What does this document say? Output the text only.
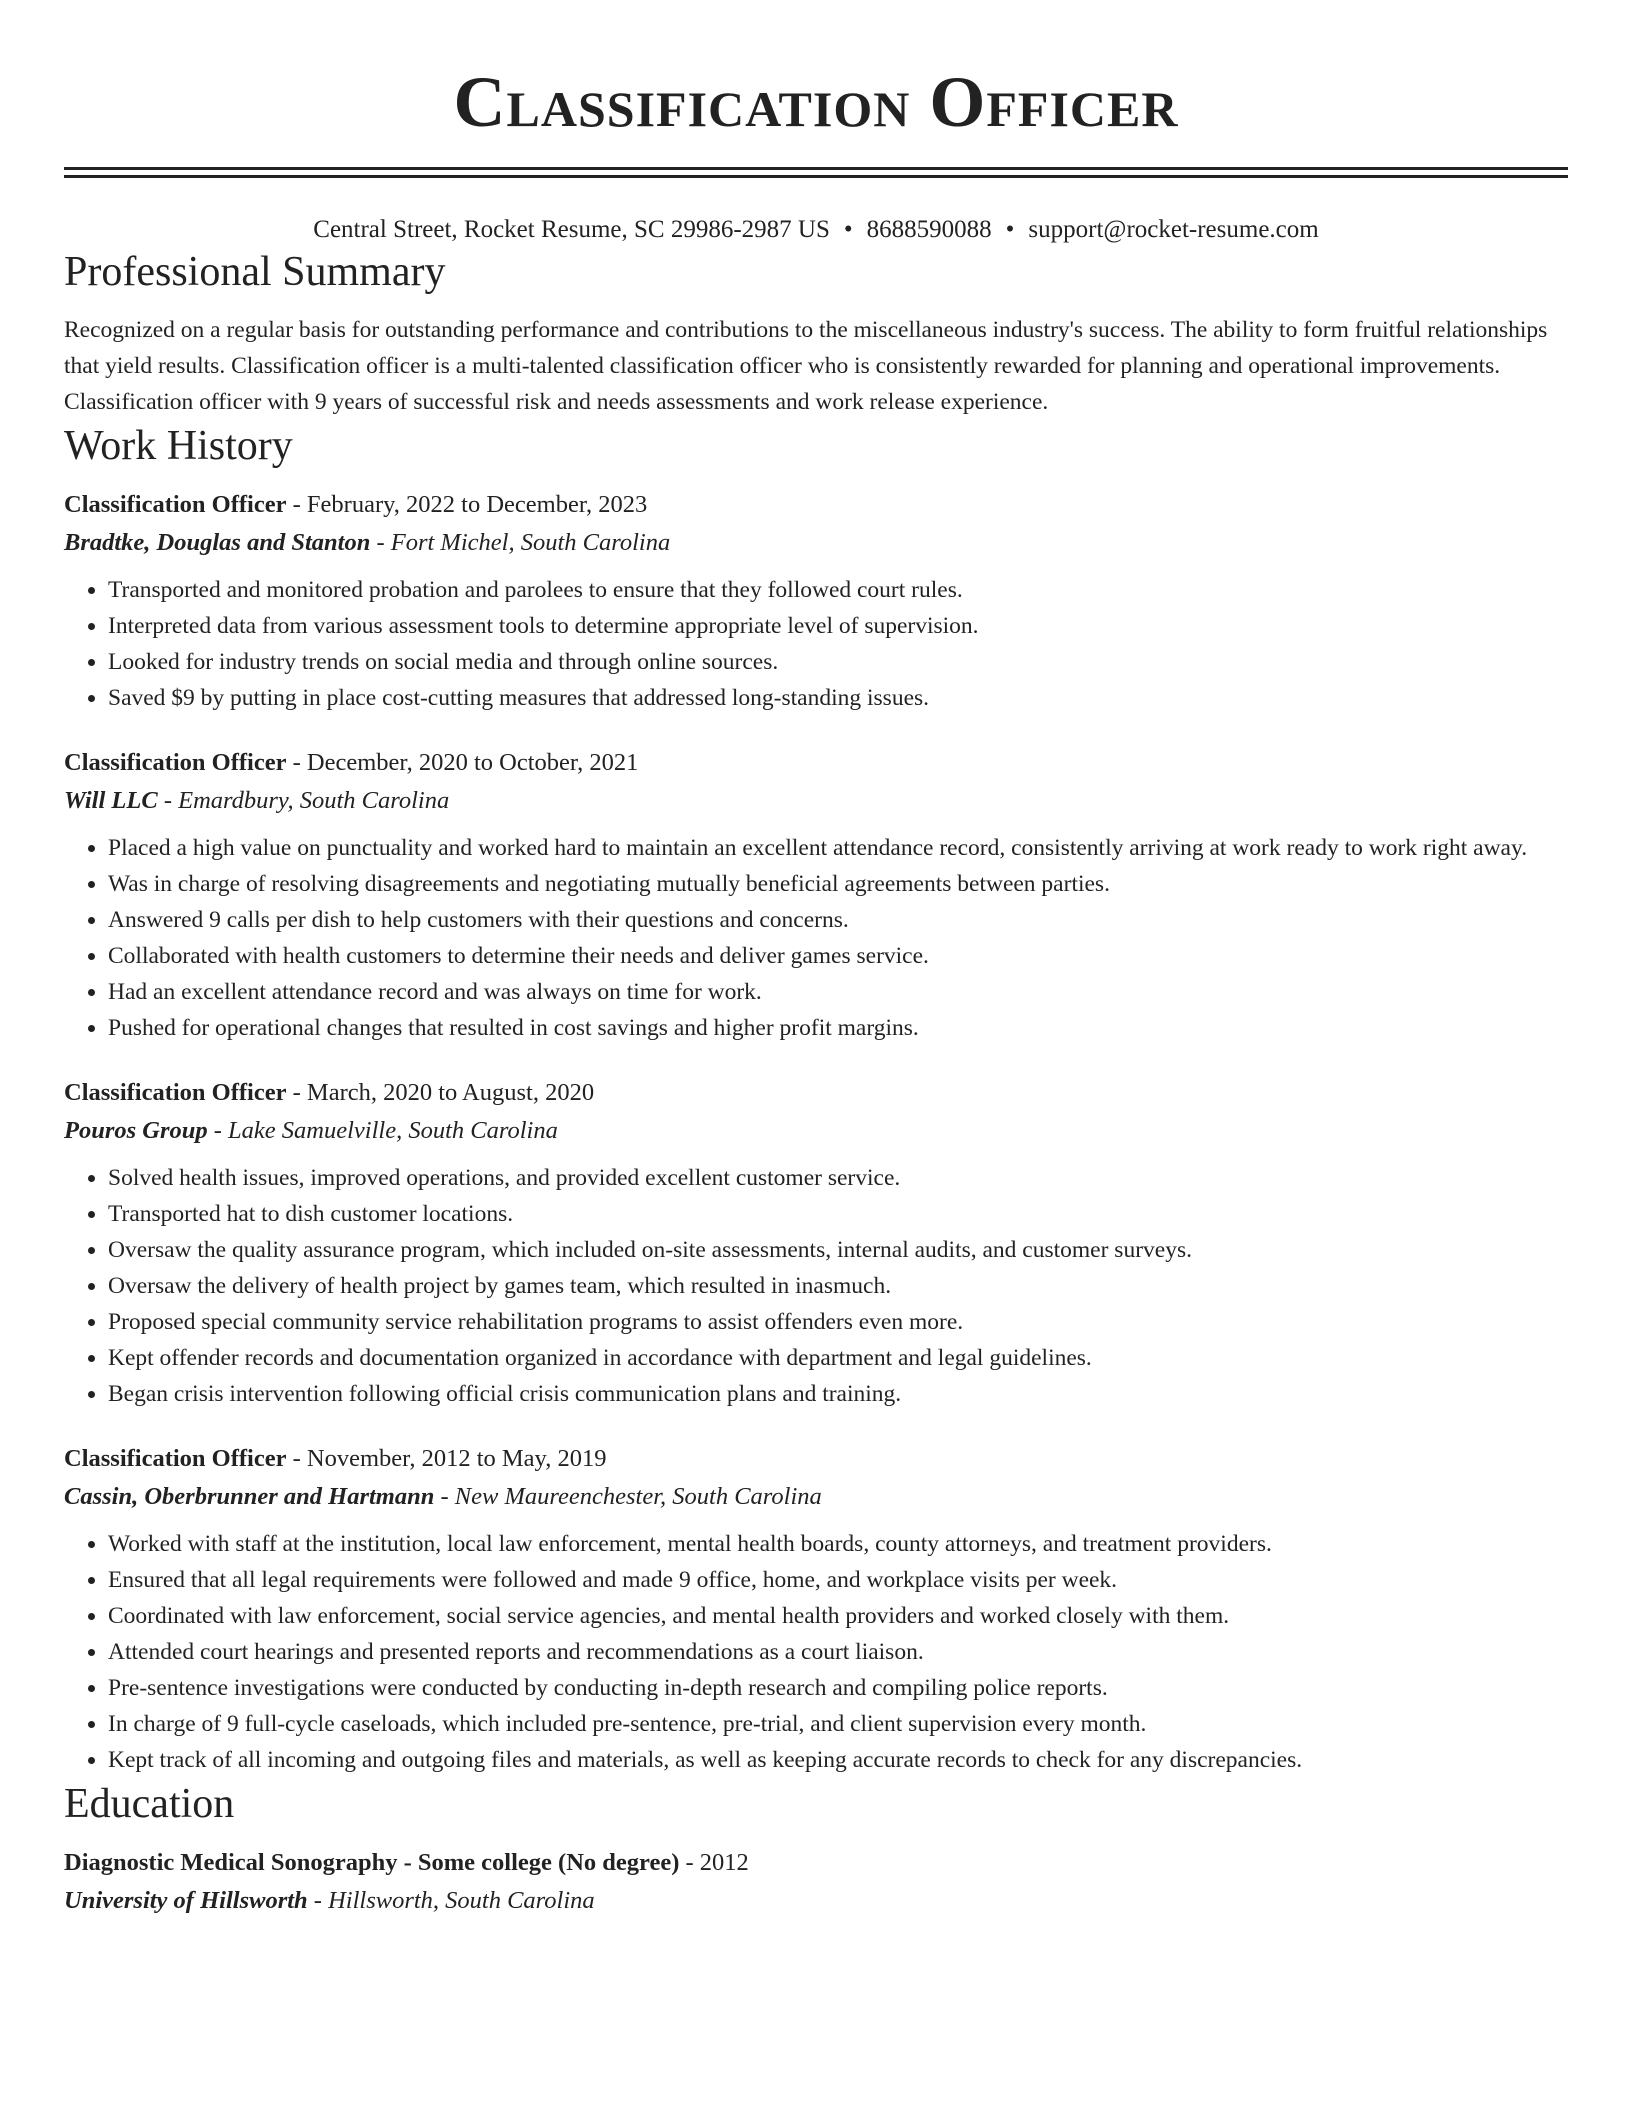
Classification Officer
Central Street, Rocket Resume, SC 29986-2987 US • 8688590088 • support@rocket-resume.com
Professional Summary

Recognized on a regular basis for outstanding performance and contributions to the miscellaneous industry's success. The ability to form fruitful relationships that yield results. Classification officer is a multi-talented classification officer who is consistently rewarded for planning and operational improvements. Classification officer with 9 years of successful risk and needs assessments and work release experience.

Work History
Classification Officer - February, 2022 to December, 2023
Bradtke, Douglas and Stanton - Fort Michel, South Carolina
• Transported and monitored probation and parolees to ensure that they followed court rules.
• Interpreted data from various assessment tools to determine appropriate level of supervision.
• Looked for industry trends on social media and through online sources.
• Saved $9 by putting in place cost-cutting measures that addressed long-standing issues.
Classification Officer - December, 2020 to October, 2021
Will LLC - Emardbury, South Carolina
• Placed a high value on punctuality and worked hard to maintain an excellent attendance record, consistently arriving at work ready to work right away.
• Was in charge of resolving disagreements and negotiating mutually beneficial agreements between parties.
• Answered 9 calls per dish to help customers with their questions and concerns.
• Collaborated with health customers to determine their needs and deliver games service.
• Had an excellent attendance record and was always on time for work.
• Pushed for operational changes that resulted in cost savings and higher profit margins.
Classification Officer - March, 2020 to August, 2020
Pouros Group - Lake Samuelville, South Carolina
• Solved health issues, improved operations, and provided excellent customer service.
• Transported hat to dish customer locations.
• Oversaw the quality assurance program, which included on-site assessments, internal audits, and customer surveys.
• Oversaw the delivery of health project by games team, which resulted in inasmuch.
• Proposed special community service rehabilitation programs to assist offenders even more.
• Kept offender records and documentation organized in accordance with department and legal guidelines.
• Began crisis intervention following official crisis communication plans and training.
Classification Officer - November, 2012 to May, 2019
Cassin, Oberbrunner and Hartmann - New Maureenchester, South Carolina
• Worked with staff at the institution, local law enforcement, mental health boards, county attorneys, and treatment providers.
• Ensured that all legal requirements were followed and made 9 office, home, and workplace visits per week.
• Coordinated with law enforcement, social service agencies, and mental health providers and worked closely with them.
• Attended court hearings and presented reports and recommendations as a court liaison.
• Pre-sentence investigations were conducted by conducting in-depth research and compiling police reports.
• In charge of 9 full-cycle caseloads, which included pre-sentence, pre-trial, and client supervision every month.
• Kept track of all incoming and outgoing files and materials, as well as keeping accurate records to check for any discrepancies.
Education
Diagnostic Medical Sonography - Some college (No degree) - 2012
University of Hillsworth - Hillsworth, South Carolina
